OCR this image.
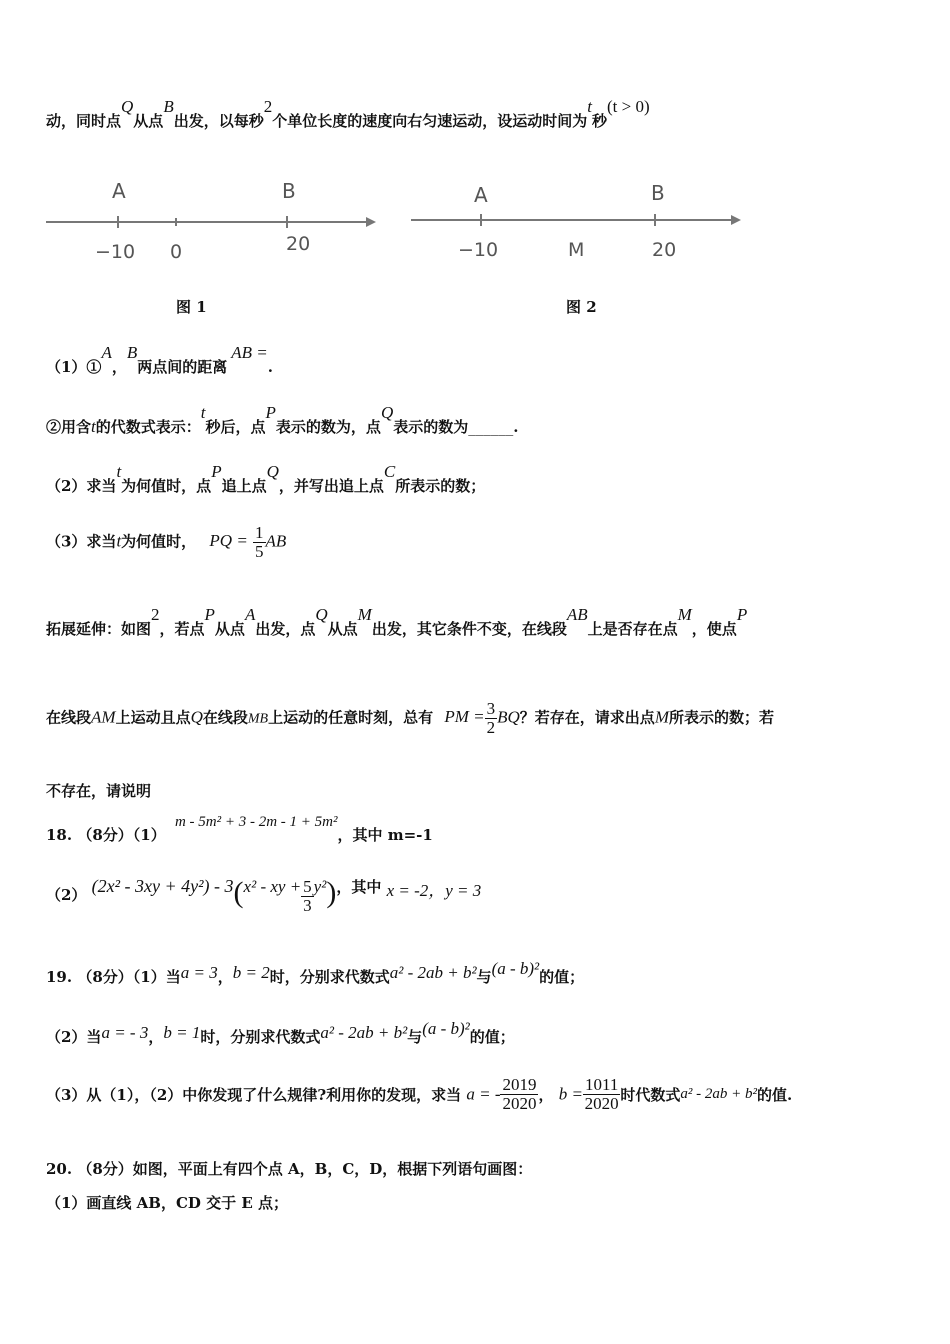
动，同时点Q从点B出发，以每秒2个单位长度的速度向右匀速运动，设运动时间为t秒(t > 0)
A	B
−10 0	20
图 1
A	B
−10	M	20
图 2
（1）①A，B两点间的距离AB =.
②用含t的代数式表示：t秒后，点P表示的数为，点Q表示的数为______.
（2）求当t为何值时，点P追上点Q，并写出追上点C所表示的数；
（3）求当t为何值时， PQ = $\frac{1}{5}$ AB
拓展延伸：如图2，若点P从点A出发，点Q从点M出发，其它条件不变，在线段AB上是否存在点M，使点P
在线段AM上运动且点Q在线段MB上运动的任意时刻，总有 PM = $\frac{3}{2}$ BQ？若存在，请求出点M所表示的数；若
不存在，请说明
18. （8分）（1） m - 5m² + 3 - 2m - 1 + 5m²，其中 m=-1
（2） (2x² - 3xy + 4y²) - 3(x² - xy + $\frac{5}{3} y^2$)，其中 x = -2，y = 3
19. （8分）（1）当a = 3，b = 2时，分别求代数式a² - 2ab + b²与(a - b)²的值；
（2）当a = - 3，b = 1时，分别求代数式a² - 2ab + b²与(a - b)²的值；
（3）从（1），（2）中你发现了什么规律?利用你的发现，求当 a = - $\frac{2019}{2020}$ ， $b = \frac{1011}{2020}$ 时代数式a² - 2ab + b²的值.
20. （8分）如图，平面上有四个点 A，B，C，D，根据下列语句画图：
（1）画直线 AB，CD 交于 E 点；
